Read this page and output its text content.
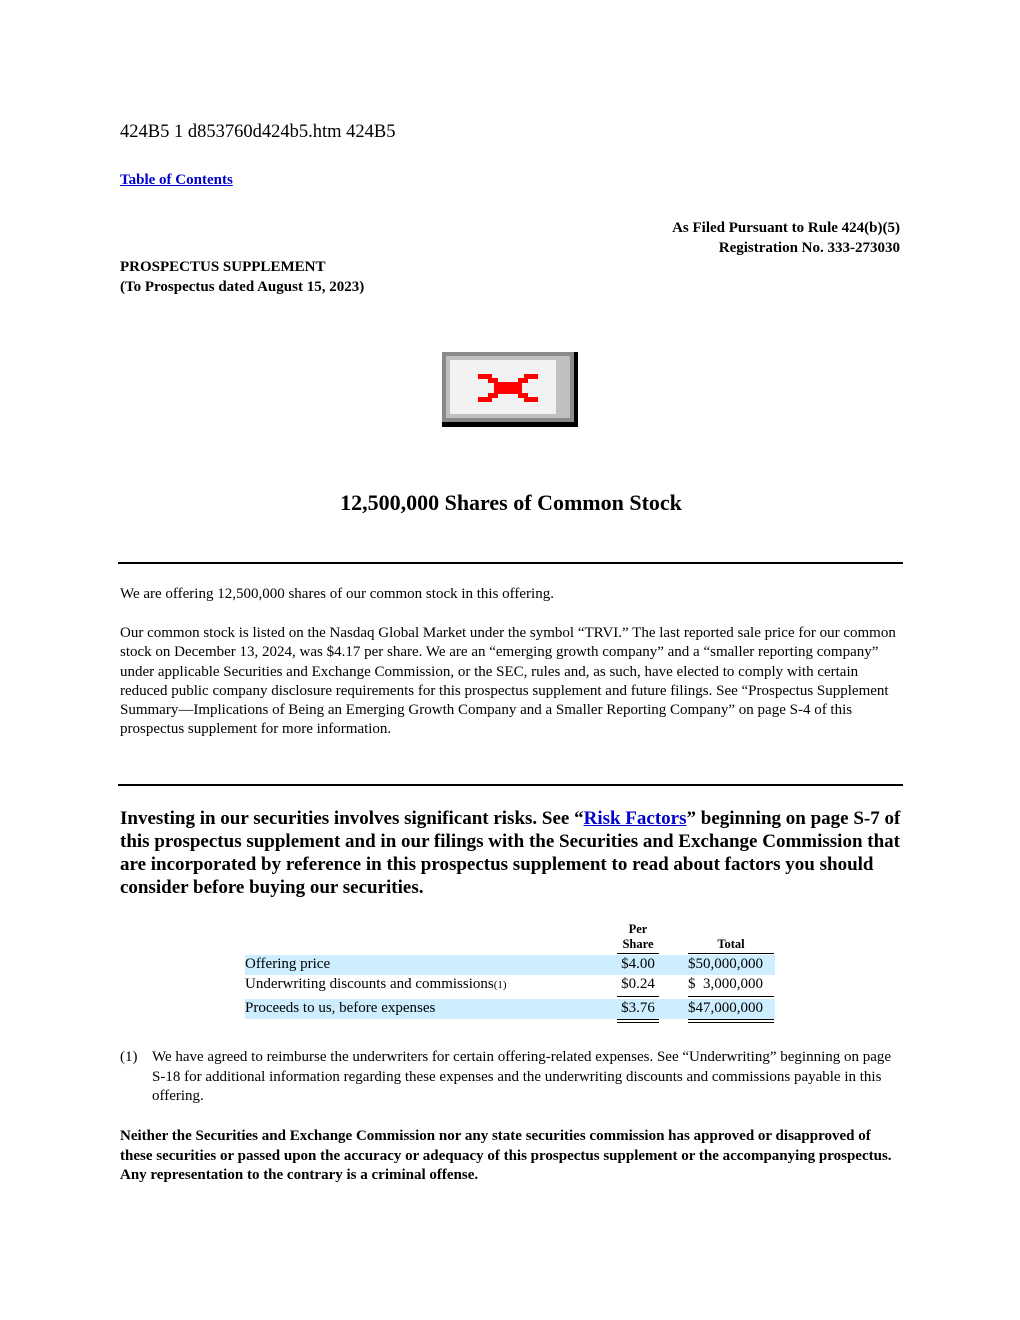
424B5 1 d853760d424b5.htm 424B5
Table of Contents
As Filed Pursuant to Rule 424(b)(5)
Registration No. 333-273030
PROSPECTUS SUPPLEMENT
(To Prospectus dated August 15, 2023)
12,500,000 Shares of Common Stock
We are offering 12,500,000 shares of our common stock in this offering.
Our common stock is listed on the Nasdaq Global Market under the symbol “TRVI.” The last reported sale price for our common stock on December 13, 2024, was $4.17 per share. We are an “emerging growth company” and a “smaller reporting company” under applicable Securities and Exchange Commission, or the SEC, rules and, as such, have elected to comply with certain reduced public company disclosure requirements for this prospectus supplement and future filings. See “Prospectus Supplement Summary—Implications of Being an Emerging Growth Company and a Smaller Reporting Company” on page S-4 of this prospectus supplement for more information.
Investing in our securities involves significant risks. See “Risk Factors” beginning on page S-7 of this prospectus supplement and in our filings with the Securities and Exchange Commission that are incorporated by reference in this prospectus supplement to read about factors you should consider before buying our securities.
Per
Share	Total
Offering price	$4.00 $50,000,000
Underwriting discounts and commissions(1)	$0.24 $  3,000,000
Proceeds to us, before expenses	$3.76 $47,000,000
(1) We have agreed to reimburse the underwriters for certain offering-related expenses. See “Underwriting” beginning on page S-18 for additional information regarding these expenses and the underwriting discounts and commissions payable in this offering.
Neither the Securities and Exchange Commission nor any state securities commission has approved or disapproved of these securities or passed upon the accuracy or adequacy of this prospectus supplement or the accompanying prospectus. Any representation to the contrary is a criminal offense.
